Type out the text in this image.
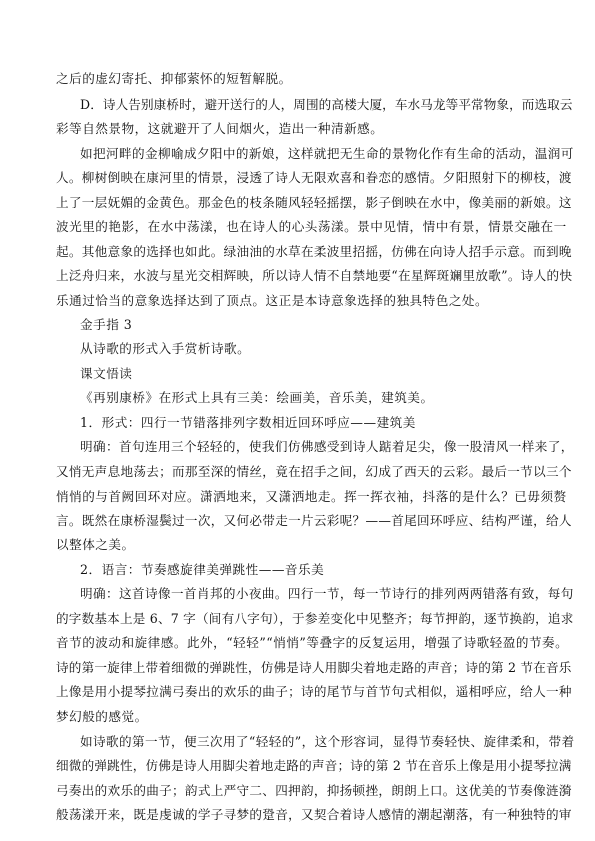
之后的虚幻寄托、抑郁萦怀的短暂解脱。

D．诗人告别康桥时，避开送行的人，周围的高楼大厦，车水马龙等平常物象，而选取云

彩等自然景物，这就避开了人间烟火，造出一种清新感。

如把河畔的金柳喻成夕阳中的新娘，这样就把无生命的景物化作有生命的活动，温润可

人。柳树倒映在康河里的情景，浸透了诗人无限欢喜和眷恋的感情。夕阳照射下的柳枝，渡

上了一层妩媚的金黄色。那金色的枝条随风轻轻摇摆，影子倒映在水中，像美丽的新娘。这

波光里的艳影，在水中荡漾，也在诗人的心头荡漾。景中见情，情中有景，情景交融在一

起。其他意象的选择也如此。绿油油的水草在柔波里招摇，仿佛在向诗人招手示意。而到晚

上泛舟归来，水波与星光交相辉映，所以诗人情不自禁地要“在星辉斑斓里放歌”。诗人的快

乐通过恰当的意象选择达到了顶点。这正是本诗意象选择的独具特色之处。

金手指 3

从诗歌的形式入手赏析诗歌。

课文悟读

《再别康桥》在形式上具有三美：绘画美，音乐美，建筑美。

1．形式：四行一节错落排列字数相近回环呼应——建筑美

明确：首句连用三个轻轻的，使我们仿佛感受到诗人踮着足尖，像一股清风一样来了，

又悄无声息地荡去；而那至深的情丝，竟在招手之间，幻成了西天的云彩。最后一节以三个

悄悄的与首阙回环对应。潇洒地来，又潇洒地走。挥一挥衣袖，抖落的是什么？已毋须赘

言。既然在康桥湿鬓过一次，又何必带走一片云彩呢？——首尾回环呼应、结构严谨，给人

以整体之美。

2．语言：节奏感旋律美弹跳性——音乐美

明确：这首诗像一首肖邦的小夜曲。四行一节，每一节诗行的排列两两错落有致，每句

的字数基本上是 6、7 字（间有八字句），于参差变化中见整齐；每节押韵，逐节换韵，追求

音节的波动和旋律感。此外，“轻轻”“悄悄”等叠字的反复运用，增强了诗歌轻盈的节奏。

诗的第一旋律上带着细微的弹跳性，仿佛是诗人用脚尖着地走路的声音；诗的第 2 节在音乐

上像是用小提琴拉满弓奏出的欢乐的曲子；诗的尾节与首节句式相似，遥相呼应，给人一种

梦幻般的感觉。

如诗歌的第一节，便三次用了“轻轻的”，这个形容词，显得节奏轻快、旋律柔和，带着

细微的弹跳性，仿佛是诗人用脚尖着地走路的声音；诗的第 2 节在音乐上像是用小提琴拉满

弓奏出的欢乐的曲子；韵式上严守二、四押韵，抑扬顿挫，朗朗上口。这优美的节奏像涟漪

般荡漾开来，既是虔诚的学子寻梦的跫音，又契合着诗人感情的潮起潮落，有一种独特的审
